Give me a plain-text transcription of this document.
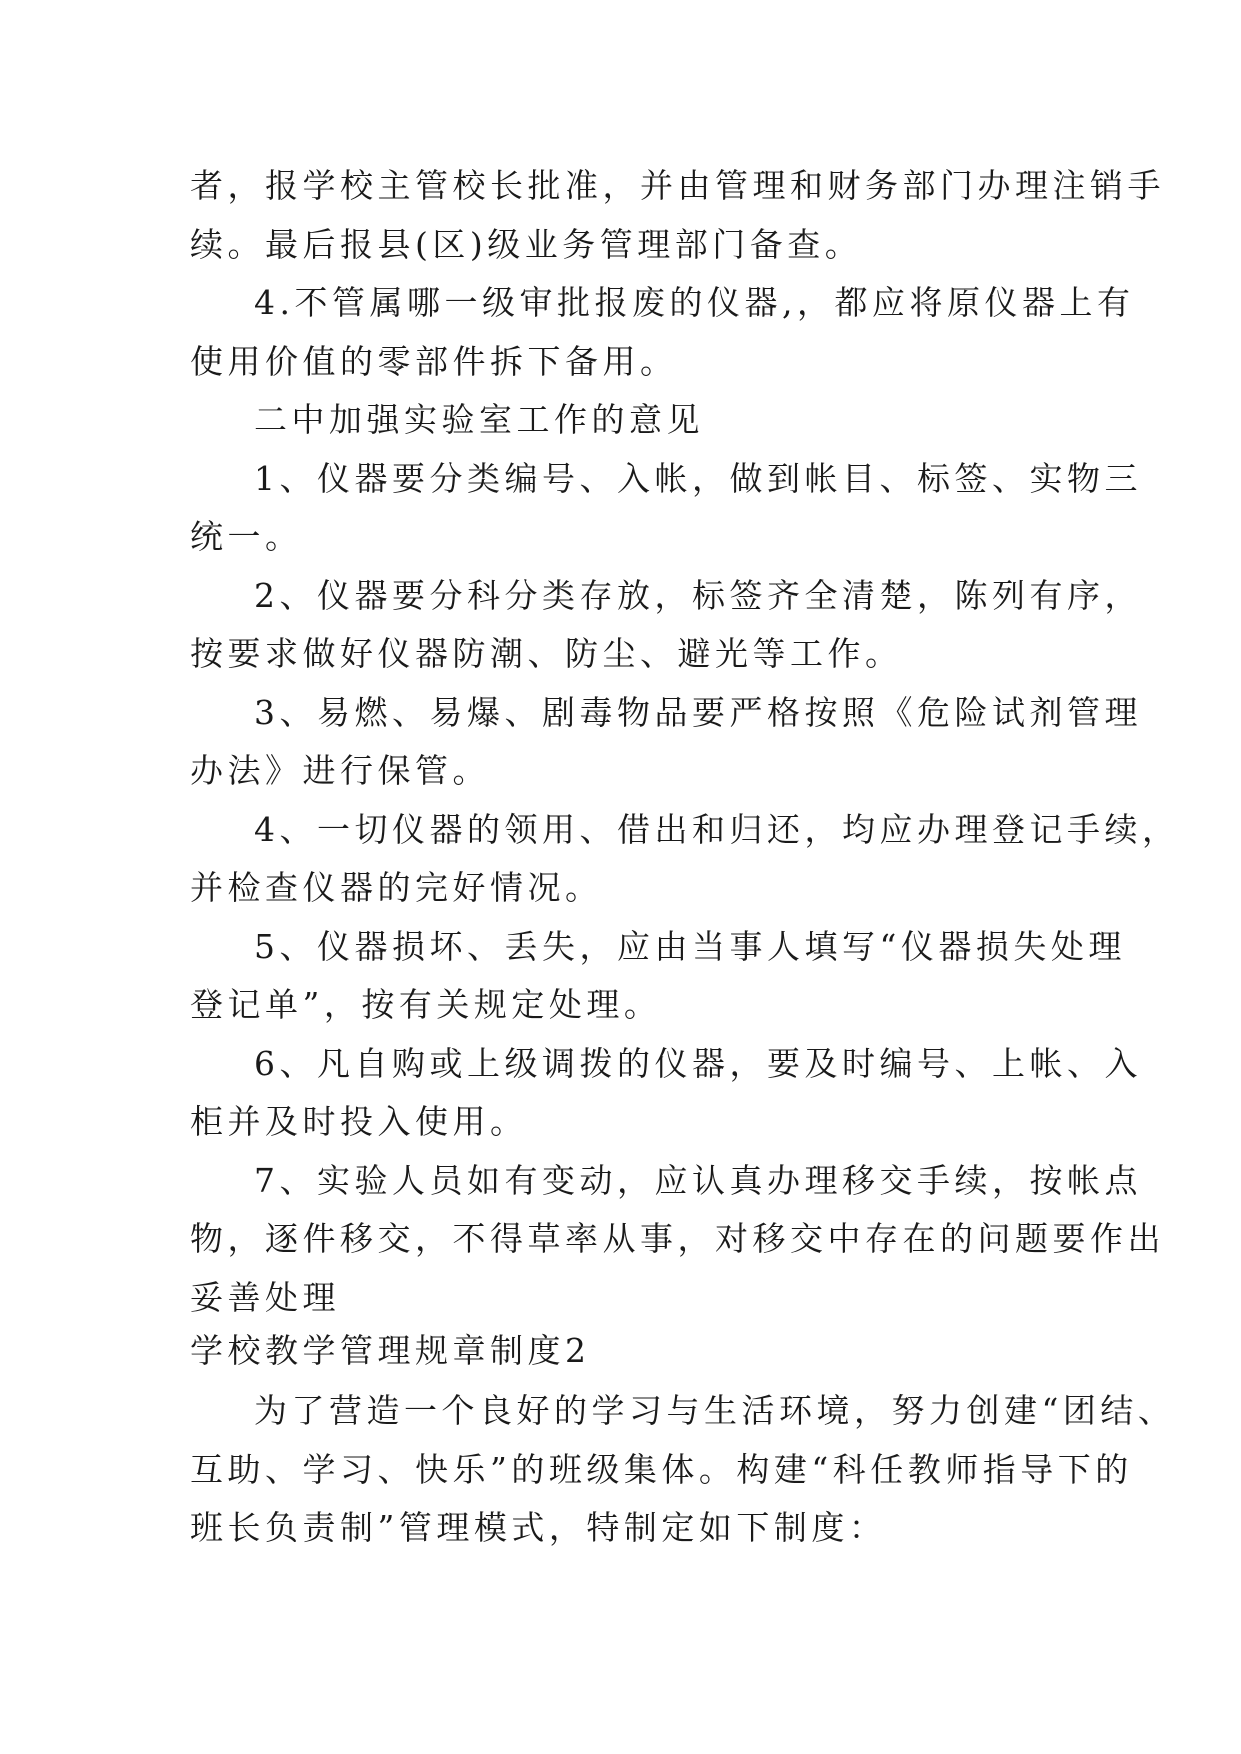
者，报学校主管校长批准，并由管理和财务部门办理注销手
续。最后报县(区)级业务管理部门备查。
4.不管属哪一级审批报废的仪器,，都应将原仪器上有
使用价值的零部件拆下备用。
二中加强实验室工作的意见
1、仪器要分类编号、入帐，做到帐目、标签、实物三
统一。
2、仪器要分科分类存放，标签齐全清楚，陈列有序，
按要求做好仪器防潮、防尘、避光等工作。
3、易燃、易爆、剧毒物品要严格按照《危险试剂管理
办法》进行保管。
4、一切仪器的领用、借出和归还，均应办理登记手续，
并检查仪器的完好情况。
5、仪器损坏、丢失，应由当事人填写“仪器损失处理
登记单”，按有关规定处理。
6、凡自购或上级调拨的仪器，要及时编号、上帐、入
柜并及时投入使用。
7、实验人员如有变动，应认真办理移交手续，按帐点
物，逐件移交，不得草率从事，对移交中存在的问题要作出
妥善处理
学校教学管理规章制度2
为了营造一个良好的学习与生活环境，努力创建“团结、
互助、学习、快乐”的班级集体。构建“科任教师指导下的
班长负责制”管理模式，特制定如下制度：
